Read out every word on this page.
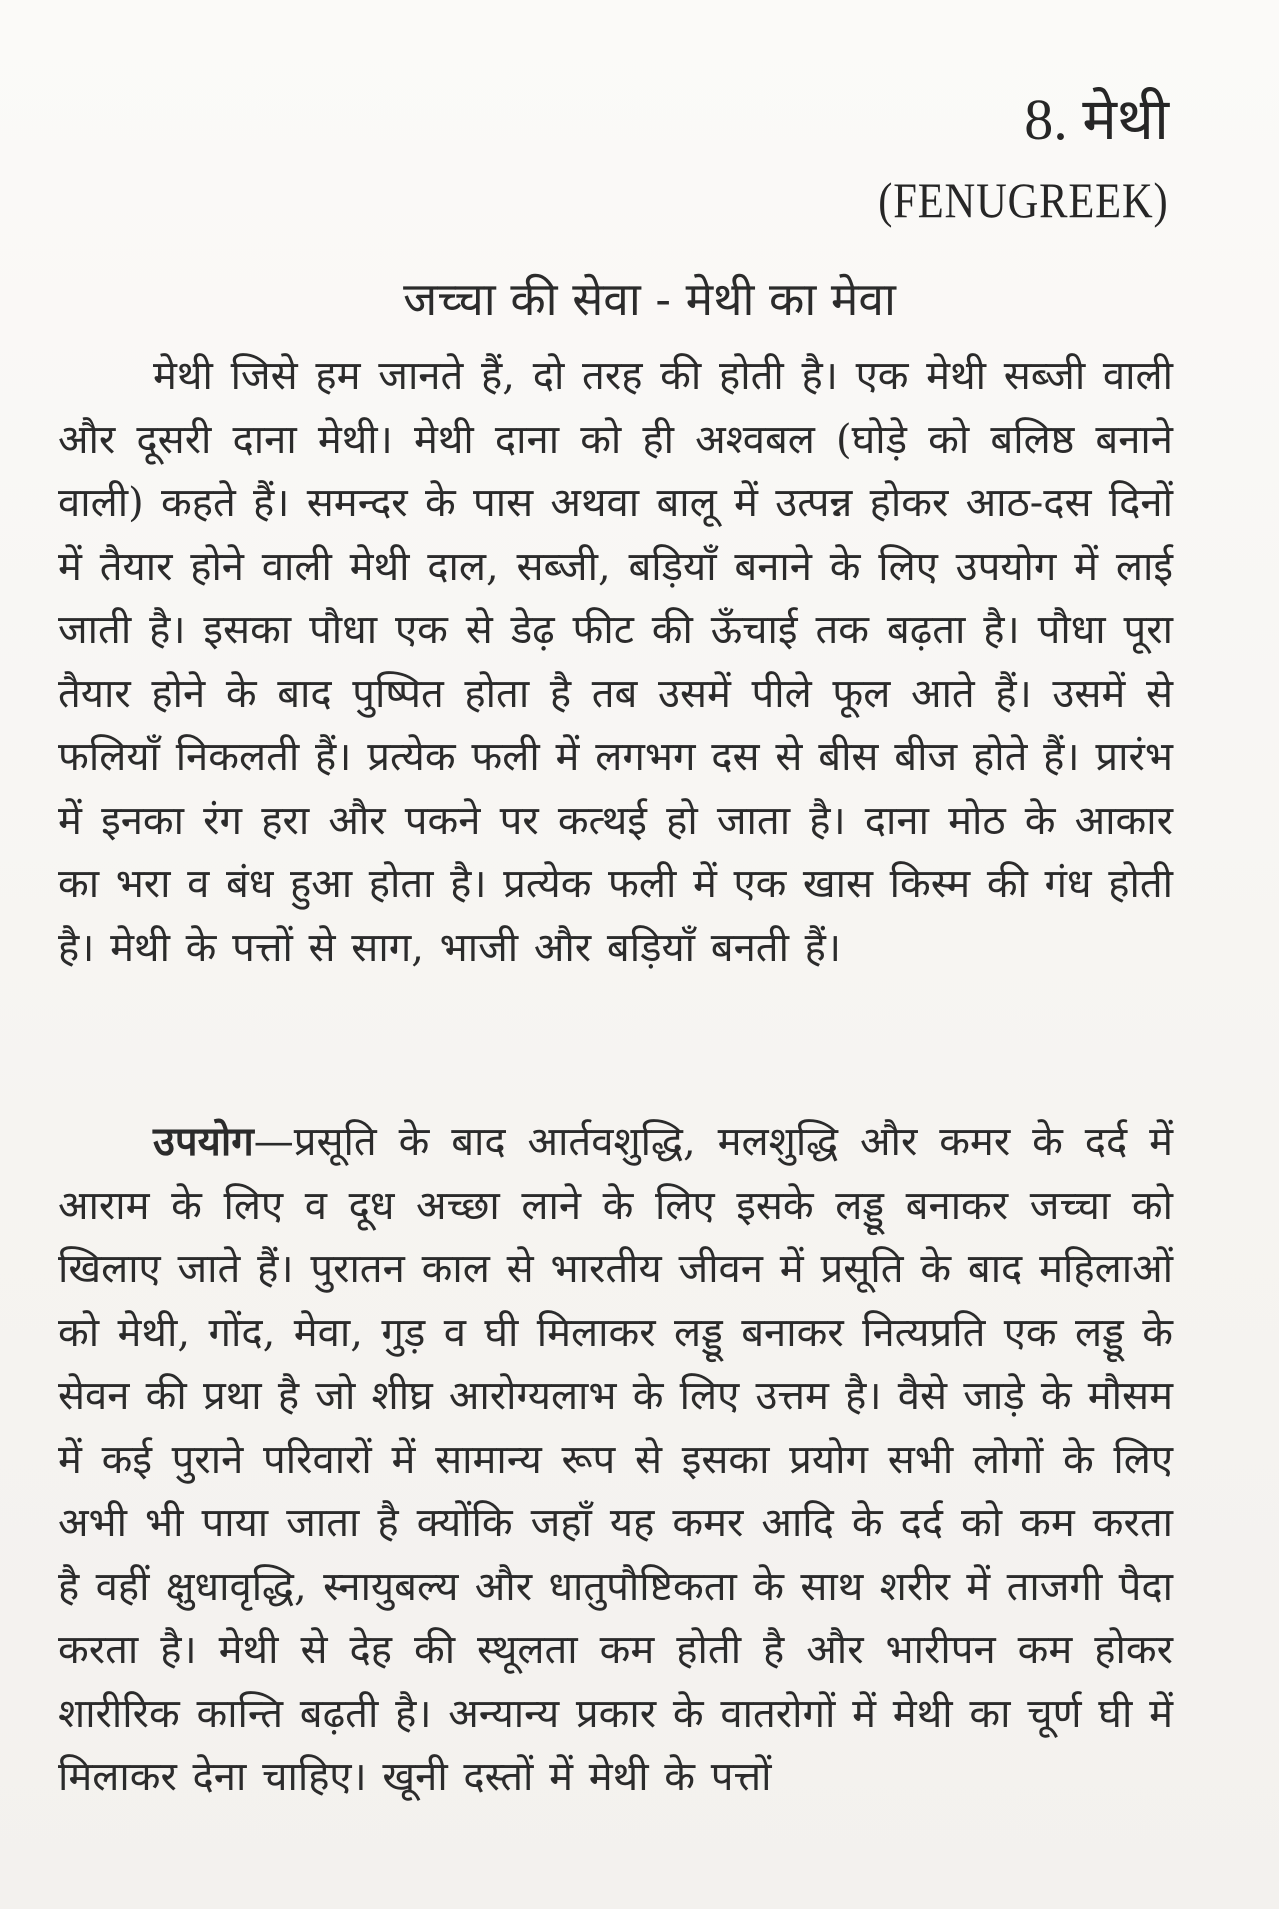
8. मेथी
(FENUGREEK)
जच्चा की सेवा - मेथी का मेवा

मेथी जिसे हम जानते हैं, दो तरह की होती है। एक मेथी सब्जी वाली और दूसरी दाना मेथी। मेथी दाना को ही अश्वबल (घोड़े को बलिष्ठ बनाने वाली) कहते हैं। समन्दर के पास अथवा बालू में उत्पन्न होकर आठ-दस दिनों में तैयार होने वाली मेथी दाल, सब्जी, बड़ियाँ बनाने के लिए उपयोग में लाई जाती है। इसका पौधा एक से डेढ़ फीट की ऊँचाई तक बढ़ता है। पौधा पूरा तैयार होने के बाद पुष्पित होता है तब उसमें पीले फूल आते हैं। उसमें से फलियाँ निकलती हैं। प्रत्येक फली में लगभग दस से बीस बीज होते हैं। प्रारंभ में इनका रंग हरा और पकने पर कत्थई हो जाता है। दाना मोठ के आकार का भरा व बंध हुआ होता है। प्रत्येक फली में एक खास किस्म की गंध होती है। मेथी के पत्तों से साग, भाजी और बड़ियाँ बनती हैं।

उपयोग—प्रसूति के बाद आर्तवशुद्धि, मलशुद्धि और कमर के दर्द में आराम के लिए व दूध अच्छा लाने के लिए इसके लड्डू बनाकर जच्चा को खिलाए जाते हैं। पुरातन काल से भारतीय जीवन में प्रसूति के बाद महिलाओं को मेथी, गोंद, मेवा, गुड़ व घी मिलाकर लड्डू बनाकर नित्यप्रति एक लड्डू के सेवन की प्रथा है जो शीघ्र आरोग्यलाभ के लिए उत्तम है। वैसे जाड़े के मौसम में कई पुराने परिवारों में सामान्य रूप से इसका प्रयोग सभी लोगों के लिए अभी भी पाया जाता है क्योंकि जहाँ यह कमर आदि के दर्द को कम करता है वहीं क्षुधावृद्धि, स्नायुबल्य और धातुपौष्टिकता के साथ शरीर में ताजगी पैदा करता है। मेथी से देह की स्थूलता कम होती है और भारीपन कम होकर शारीरिक कान्ति बढ़ती है। अन्यान्य प्रकार के वातरोगों में मेथी का चूर्ण घी में मिलाकर देना चाहिए। खूनी दस्तों में मेथी के पत्तों
